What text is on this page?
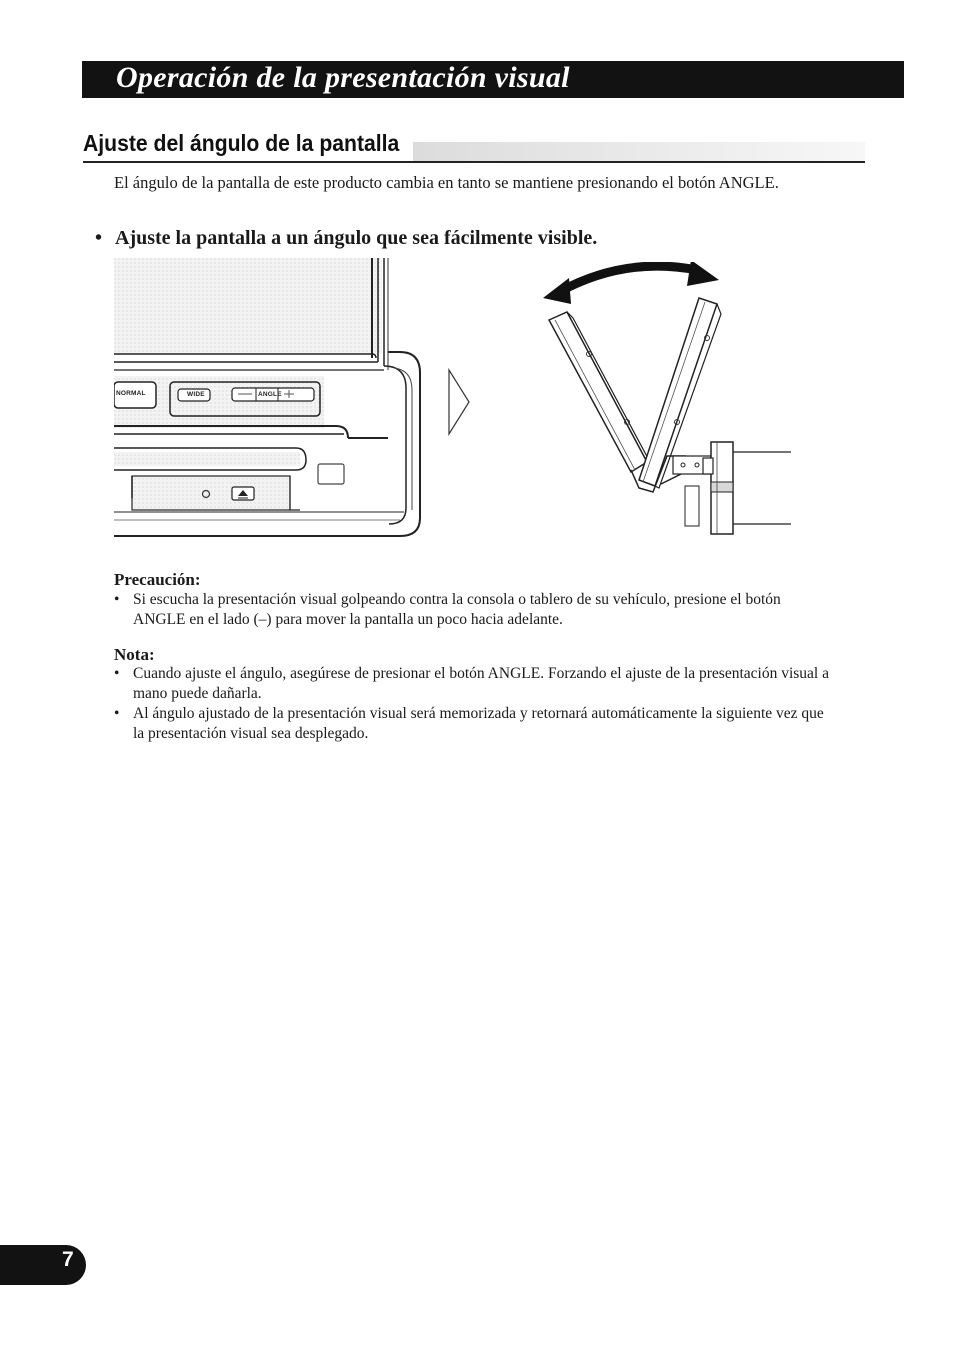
Operación de la presentación visual
Ajuste del ángulo de la pantalla
El ángulo de la pantalla de este producto cambia en tanto se mantiene presionando el botón ANGLE.
• Ajuste la pantalla a un ángulo que sea fácilmente visible.
NORMAL	WIDE	ANGLE
Precaución:
• Si escucha la presentación visual golpeando contra la consola o tablero de su vehículo, presione el botón ANGLE en el lado (–) para mover la pantalla un poco hacia adelante.
Nota:
• Cuando ajuste el ángulo, asegúrese de presionar el botón ANGLE. Forzando el ajuste de la presentación visual a mano puede dañarla.
• Al ángulo ajustado de la presentación visual será memorizada y retornará automáticamente la siguiente vez que la presentación visual sea desplegado.
7
